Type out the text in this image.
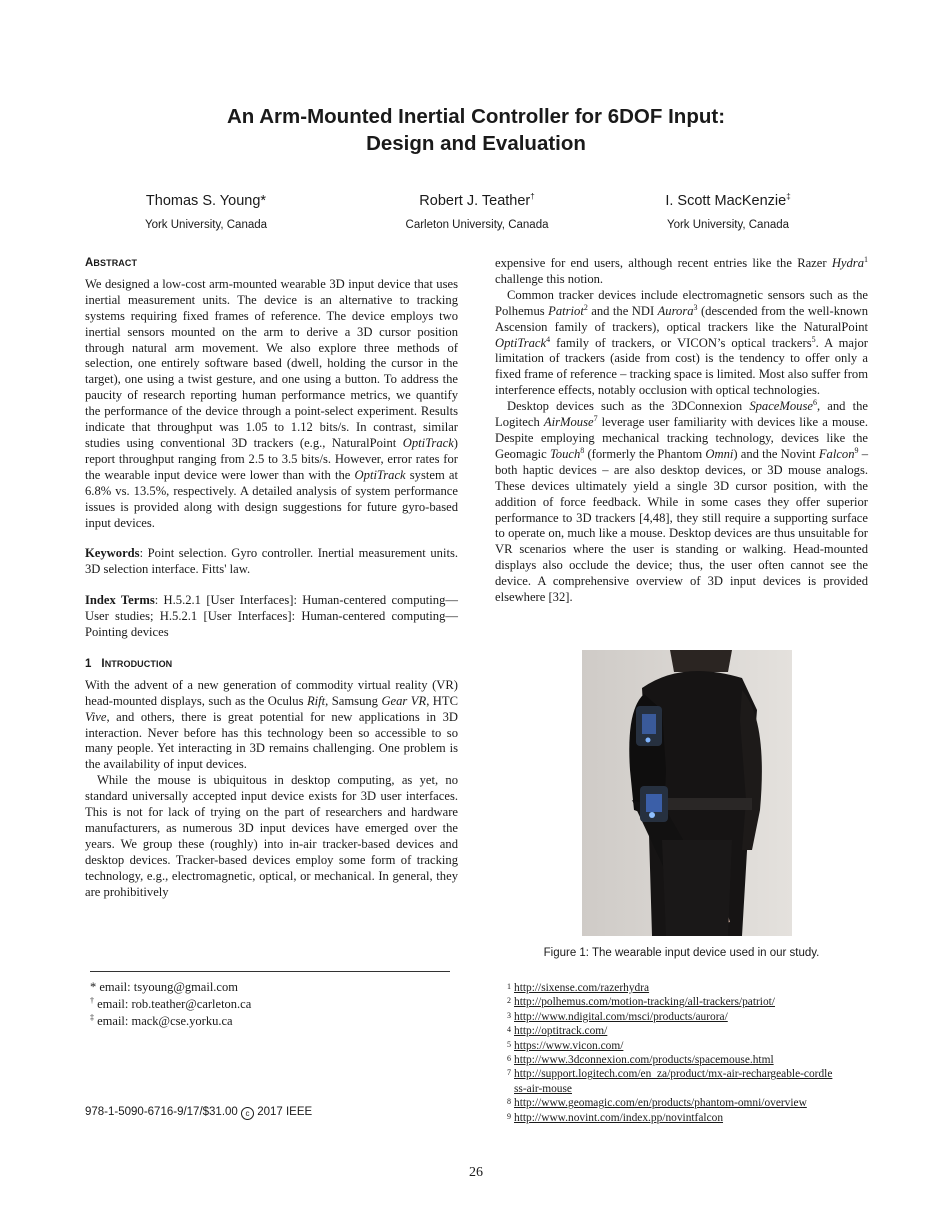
An Arm-Mounted Inertial Controller for 6DOF Input:
Design and Evaluation
Thomas S. Young*
York University, Canada
Robert J. Teather†
Carleton University, Canada
I. Scott MacKenzie‡
York University, Canada
ABSTRACT

We designed a low-cost arm-mounted wearable 3D input device that uses inertial measurement units. The device is an alternative to tracking systems requiring fixed frames of reference. The device employs two inertial sensors mounted on the arm to derive a 3D cursor position through natural arm movement. We also explore three methods of selection, one entirely software based (dwell, holding the cursor in the target), one using a twist gesture, and one using a button. To address the paucity of research reporting human performance metrics, we quantify the performance of the device through a point-select experiment. Results indicate that throughput was 1.05 to 1.12 bits/s. In contrast, similar studies using conventional 3D trackers (e.g., NaturalPoint OptiTrack) report throughput ranging from 2.5 to 3.5 bits/s. However, error rates for the wearable input device were lower than with the OptiTrack system at 6.8% vs. 13.5%, respectively. A detailed analysis of system performance issues is provided along with design suggestions for future gyro-based input devices.

Keywords: Point selection. Gyro controller. Inertial measurement units. 3D selection interface. Fitts' law.

Index Terms: H.5.2.1 [User Interfaces]: Human-centered computing—User studies; H.5.2.1 [User Interfaces]: Human-centered computing—Pointing devices

1 INTRODUCTION

With the advent of a new generation of commodity virtual reality (VR) head-mounted displays, such as the Oculus Rift, Samsung Gear VR, HTC Vive, and others, there is great potential for new applications in 3D interaction. Never before has this technology been so accessible to so many people. Yet interacting in 3D remains challenging. One problem is the availability of input devices.

While the mouse is ubiquitous in desktop computing, as yet, no standard universally accepted input device exists for 3D user interfaces. This is not for lack of trying on the part of researchers and hardware manufacturers, as numerous 3D input devices have emerged over the years. We group these (roughly) into in-air tracker-based devices and desktop devices. Tracker-based devices employ some form of tracking technology, e.g., electromagnetic, optical, or mechanical. In general, they are prohibitively

expensive for end users, although recent entries like the Razer Hydra$^1$ challenge this notion.

Common tracker devices include electromagnetic sensors such as the Polhemus Patriot$^2$ and the NDI Aurora$^3$ (descended from the well-known Ascension family of trackers), optical trackers like the NaturalPoint OptiTrack$^4$ family of trackers, or VICON’s optical trackers$^5$. A major limitation of trackers (aside from cost) is the tendency to offer only a fixed frame of reference – tracking space is limited. Most also suffer from interference effects, notably occlusion with optical technologies.

Desktop devices such as the 3DConnexion SpaceMouse$^6$, and the Logitech AirMouse$^7$ leverage user familiarity with devices like a mouse. Despite employing mechanical tracking technology, devices like the Geomagic Touch$^8$ (formerly the Phantom Omni) and the Novint Falcon$^9$ – both haptic devices – are also desktop devices, or 3D mouse analogs. These devices ultimately yield a single 3D cursor position, with the addition of force feedback. While in some cases they offer superior performance to 3D trackers [4,48], they still require a supporting surface to operate on, much like a mouse. Desktop devices are thus unsuitable for VR scenarios where the user is standing or walking. Head-mounted displays also occlude the device; thus, the user often cannot see the device. A comprehensive overview of 3D input devices is provided elsewhere [32].

Figure 1: The wearable input device used in our study.
* email: tsyoung@gmail.com
† email: rob.teather@carleton.ca
‡ email: mack@cse.yorku.ca
1 http://sixense.com/razerhydra
2 http://polhemus.com/motion-tracking/all-trackers/patriot/
3 http://www.ndigital.com/msci/products/aurora/
4 http://optitrack.com/
5 https://www.vicon.com/
6 http://www.3dconnexion.com/products/spacemouse.html
7 http://support.logitech.com/en_za/product/mx-air-rechargeable-cordless-air-mouse
8 http://www.geomagic.com/en/products/phantom-omni/overview
9 http://www.novint.com/index.pp/novintfalcon
978-1-5090-6716-9/17/$31.00 c 2017 IEEE
26
